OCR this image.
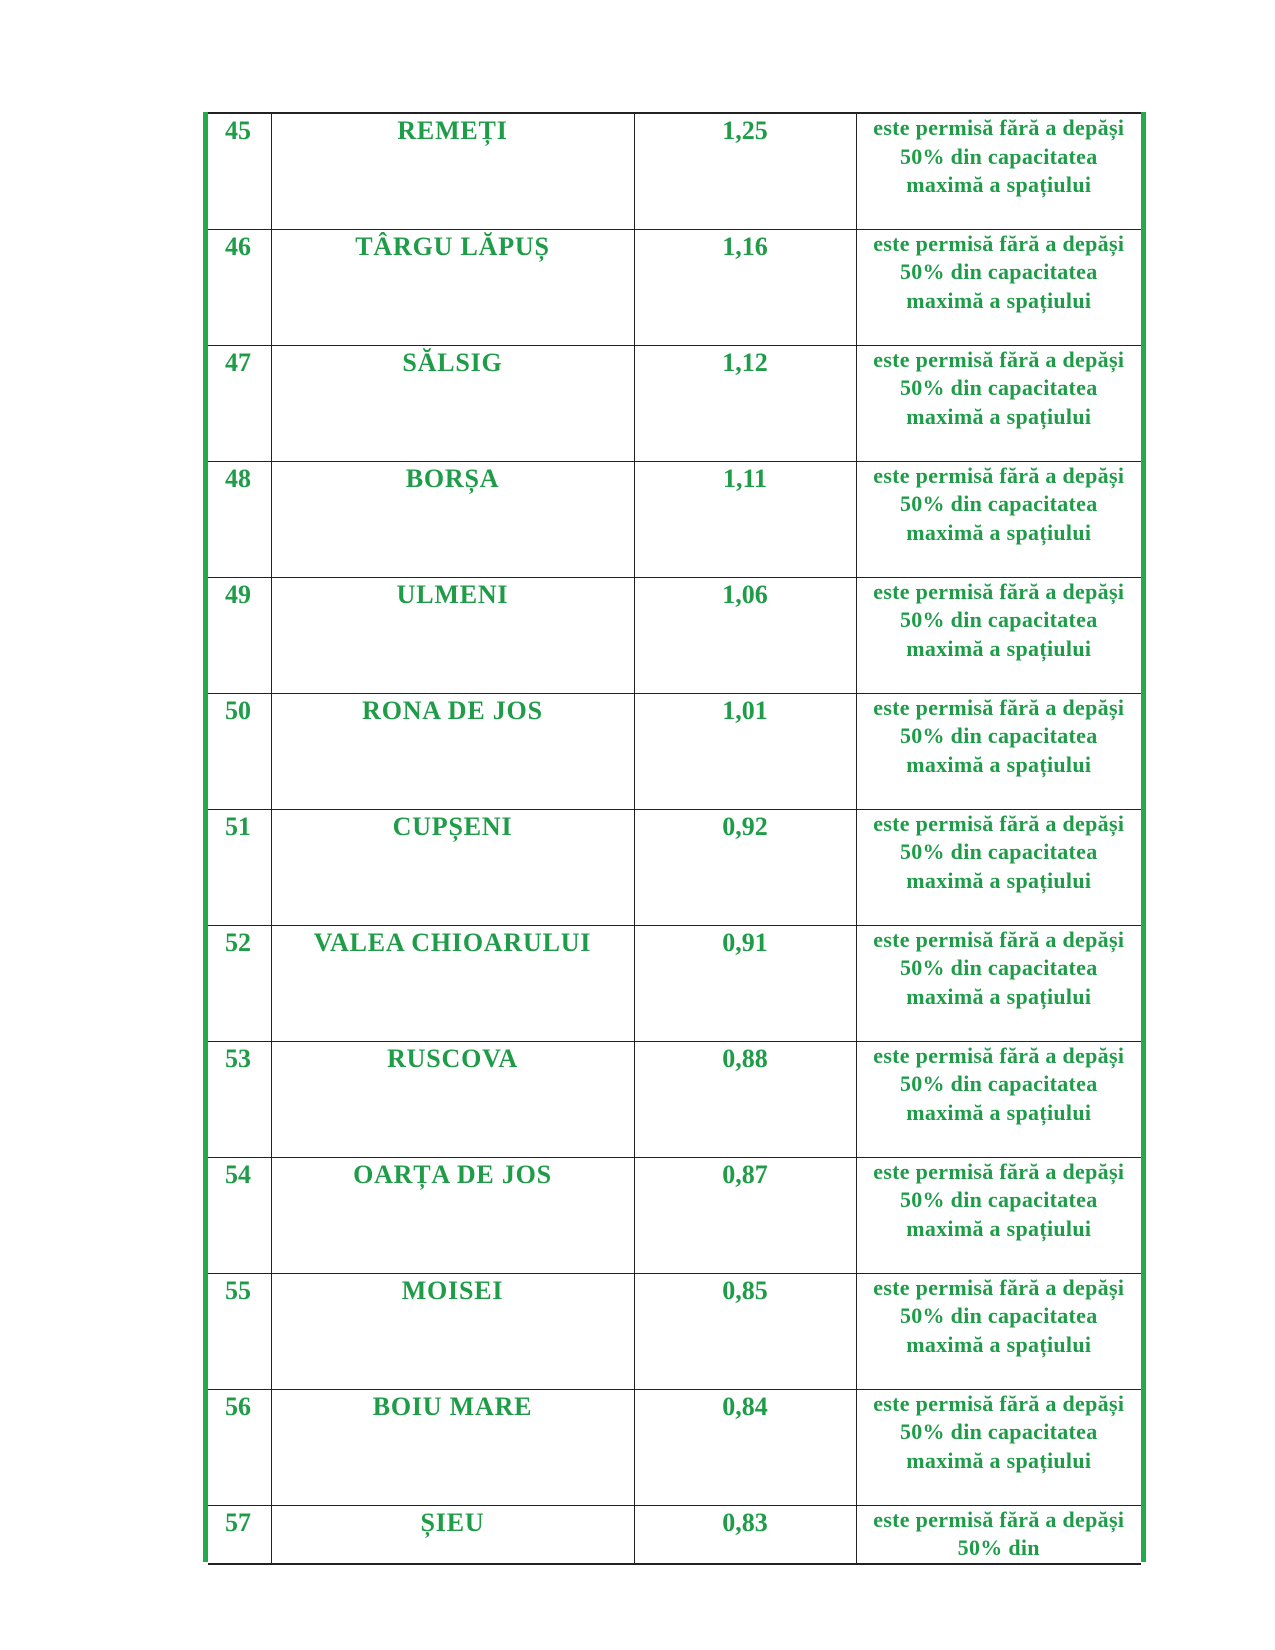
45	REMEȚI	1,25	este permisă fără a depăși 50% din capacitatea maximă a spațiului
46	TÂRGU LĂPUȘ	1,16	este permisă fără a depăși 50% din capacitatea maximă a spațiului
47	SĂLSIG	1,12	este permisă fără a depăși 50% din capacitatea maximă a spațiului
48	BORȘA	1,11	este permisă fără a depăși 50% din capacitatea maximă a spațiului
49	ULMENI	1,06	este permisă fără a depăși 50% din capacitatea maximă a spațiului
50	RONA DE JOS	1,01	este permisă fără a depăși 50% din capacitatea maximă a spațiului
51	CUPȘENI	0,92	este permisă fără a depăși 50% din capacitatea maximă a spațiului
52	VALEA CHIOARULUI	0,91	este permisă fără a depăși 50% din capacitatea maximă a spațiului
53	RUSCOVA	0,88	este permisă fără a depăși 50% din capacitatea maximă a spațiului
54	OARȚA DE JOS	0,87	este permisă fără a depăși 50% din capacitatea maximă a spațiului
55	MOISEI	0,85	este permisă fără a depăși 50% din capacitatea maximă a spațiului
56	BOIU MARE	0,84	este permisă fără a depăși 50% din capacitatea maximă a spațiului
57	ȘIEU	0,83	este permisă fără a depăși 50% din
